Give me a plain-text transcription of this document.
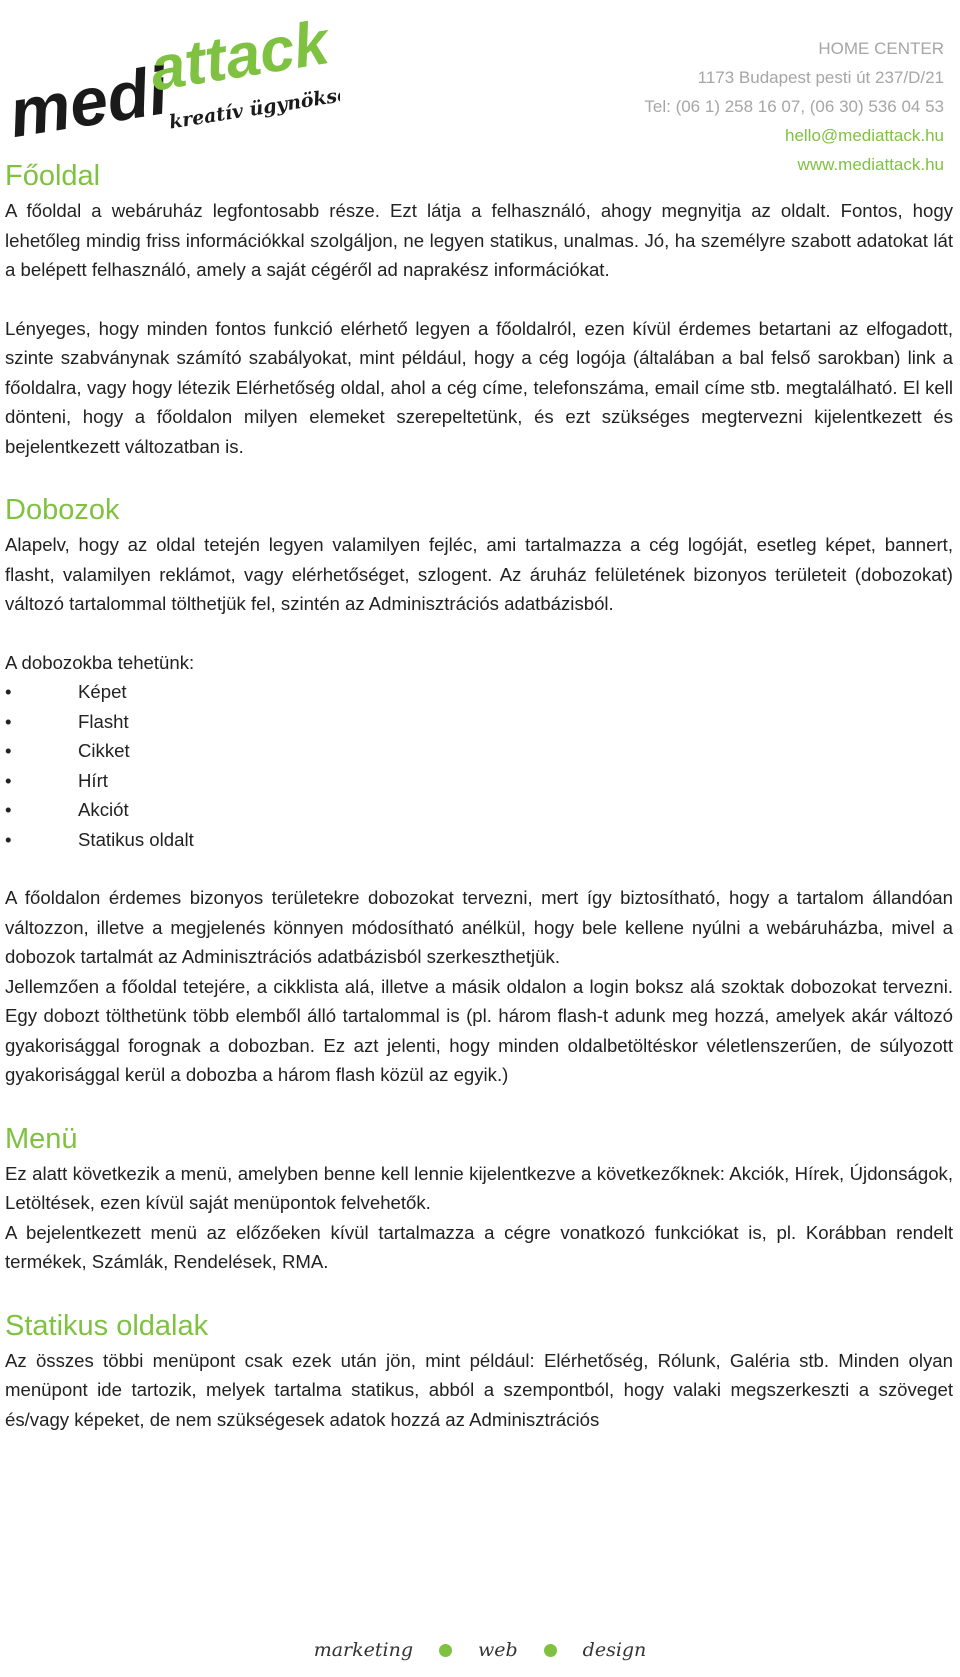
medi
attack
kreatív ügynökség
HOME CENTER
1173 Budapest pesti út 237/D/21
Tel: (06 1) 258 16 07, (06 30) 536 04 53
hello@mediattack.hu
www.mediattack.hu
Főoldal

A főoldal a webáruház legfontosabb része. Ezt látja a felhasználó, ahogy megnyitja az oldalt. Fontos, hogy lehetőleg mindig friss információkkal szolgáljon, ne legyen statikus, unalmas. Jó, ha személyre szabott adatokat lát a belépett felhasználó, amely a saját cégéről ad naprakész információkat.

Lényeges, hogy minden fontos funkció elérhető legyen a főoldalról, ezen kívül érdemes betartani az elfogadott, szinte szabványnak számító szabályokat, mint például, hogy a cég logója (általában a bal felső sarokban) link a főoldalra, vagy hogy létezik Elérhetőség oldal, ahol a cég címe, telefonszáma, email címe stb. megtalálható. El kell dönteni, hogy a főoldalon milyen elemeket szerepeltetünk, és ezt szükséges megtervezni kijelentkezett és bejelentkezett változatban is.

Dobozok

Alapelv, hogy az oldal tetején legyen valamilyen fejléc, ami tartalmazza a cég logóját, esetleg képet, bannert, flasht, valamilyen reklámot, vagy elérhetőséget, szlogent. Az áruház felületének bizonyos területeit (dobozokat) változó tartalommal tölthetjük fel, szintén az Adminisztrációs adatbázisból.

A dobozokba tehetünk:

•	Képet
•	Flasht
•	Cikket
•	Hírt
•	Akciót
•	Statikus oldalt

A főoldalon érdemes bizonyos területekre dobozokat tervezni, mert így biztosítható, hogy a tartalom állandóan változzon, illetve a megjelenés könnyen módosítható anélkül, hogy bele kellene nyúlni a webáruházba, mivel a dobozok tartalmát az Adminisztrációs adatbázisból szerkeszthetjük.

Jellemzően a főoldal tetejére, a cikklista alá, illetve a másik oldalon a login boksz alá szoktak dobozokat tervezni. Egy dobozt tölthetünk több elemből álló tartalommal is (pl. három flash-t adunk meg hozzá, amelyek akár változó gyakorisággal forognak a dobozban. Ez azt jelenti, hogy minden oldalbetöltéskor véletlenszerűen, de súlyozott gyakorisággal kerül a dobozba a három flash közül az egyik.)

Menü

Ez alatt következik a menü, amelyben benne kell lennie kijelentkezve a következőknek: Akciók, Hírek, Újdonságok, Letöltések, ezen kívül saját menüpontok felvehetők.

A bejelentkezett menü az előzőeken kívül tartalmazza a cégre vonatkozó funkciókat is, pl. Korábban rendelt termékek, Számlák, Rendelések, RMA.

Statikus oldalak

Az összes többi menüpont csak ezek után jön, mint például: Elérhetőség, Rólunk, Galéria stb. Minden olyan menüpont ide tartozik, melyek tartalma statikus, abból a szempontból, hogy valaki megszerkeszti a szöveget és/vagy képeket, de nem szükségesek adatok hozzá az Adminisztrációs

marketing	web	design
